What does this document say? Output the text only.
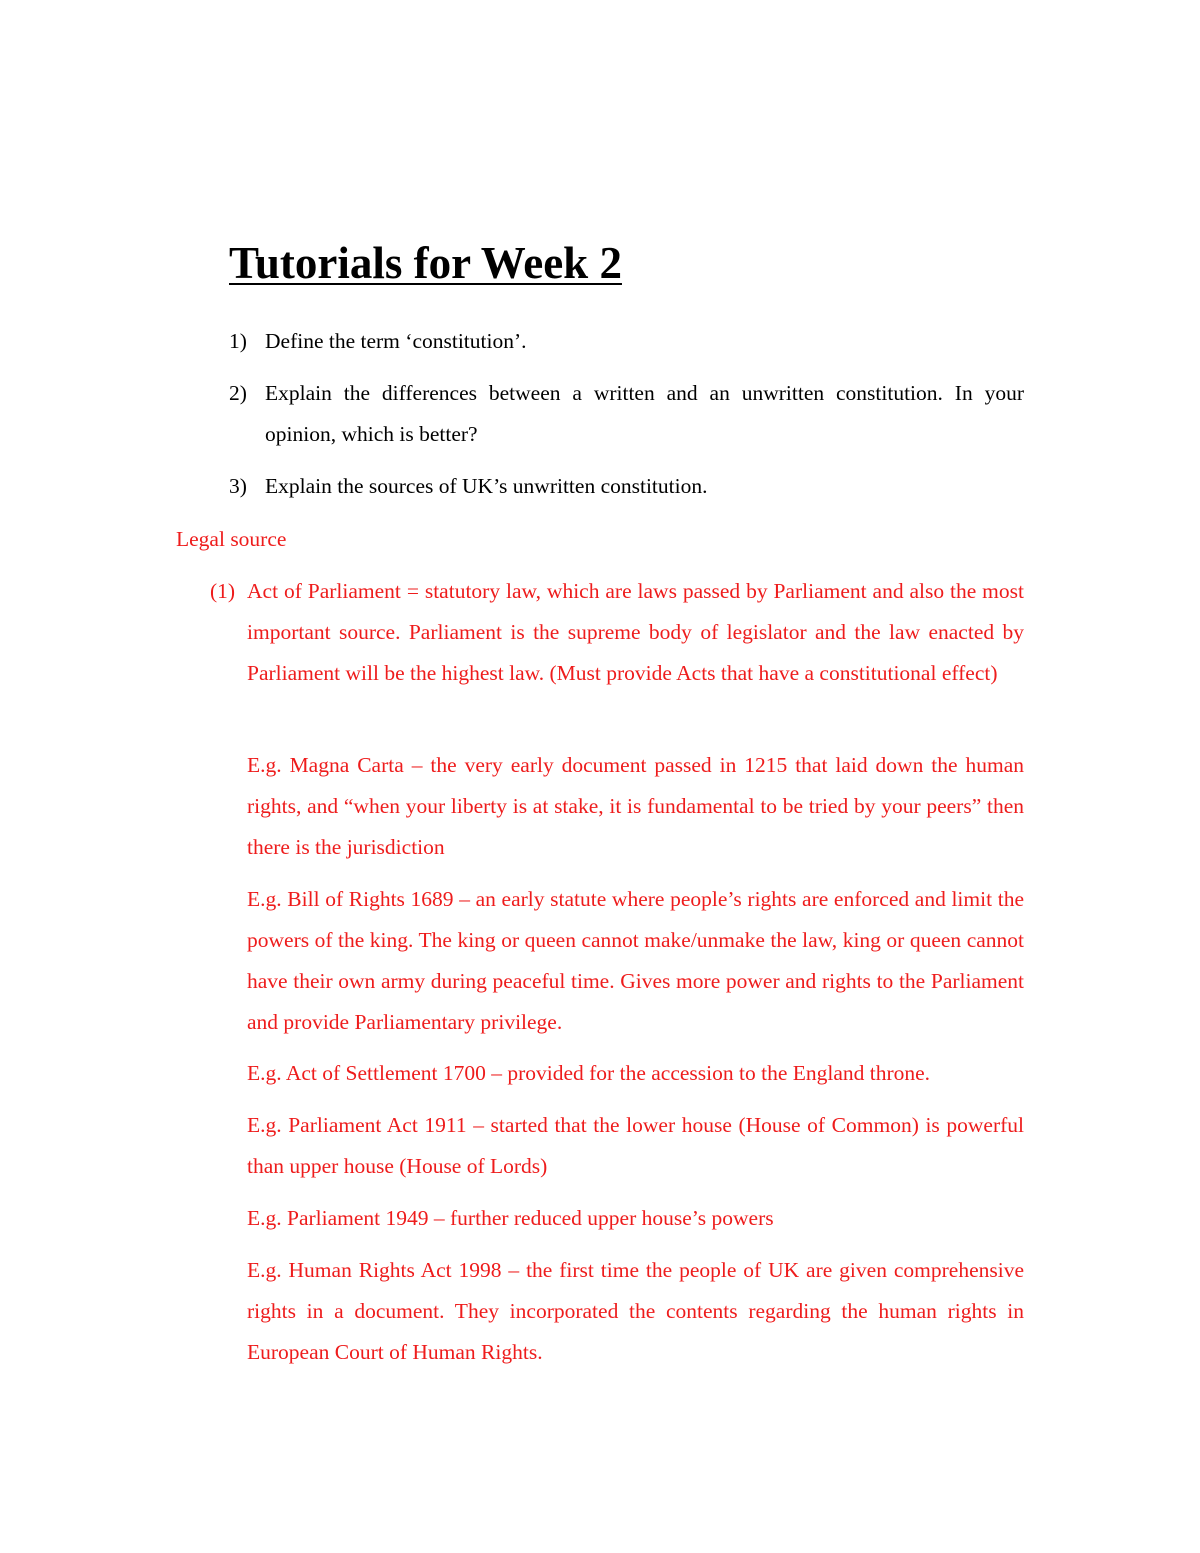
Tutorials for Week 2
1) Define the term ‘constitution’.
2) Explain the differences between a written and an unwritten constitution. In your opinion, which is better?
3) Explain the sources of UK’s unwritten constitution.
Legal source
(1) Act of Parliament = statutory law, which are laws passed by Parliament and also the most important source. Parliament is the supreme body of legislator and the law enacted by Parliament will be the highest law. (Must provide Acts that have a constitutional effect)
E.g. Magna Carta – the very early document passed in 1215 that laid down the human rights, and “when your liberty is at stake, it is fundamental to be tried by your peers” then there is the jurisdiction
E.g. Bill of Rights 1689 – an early statute where people’s rights are enforced and limit the powers of the king. The king or queen cannot make/unmake the law, king or queen cannot have their own army during peaceful time. Gives more power and rights to the Parliament and provide Parliamentary privilege.
E.g. Act of Settlement 1700 – provided for the accession to the England throne.
E.g. Parliament Act 1911 – started that the lower house (House of Common) is powerful than upper house (House of Lords)
E.g. Parliament 1949 – further reduced upper house’s powers
E.g. Human Rights Act 1998 – the first time the people of UK are given comprehensive rights in a document. They incorporated the contents regarding the human rights in European Court of Human Rights.
